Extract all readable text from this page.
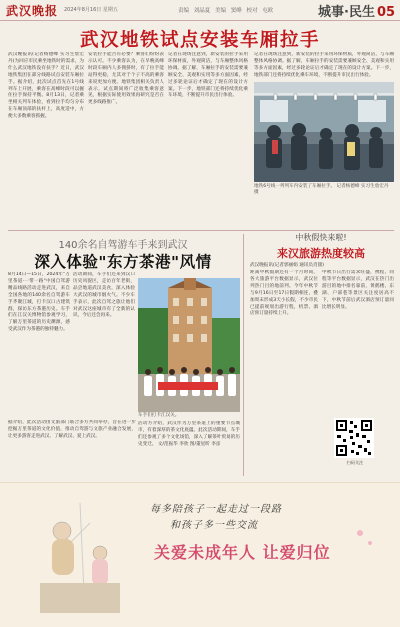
武汉晚报 2024年8月16日 星期五	责编 刘晶夏 美编 窦峰 校对 屯欧	城事·民生 05
武汉地铁试点安装车厢拉手
武汉晚报讯(记者杨德峰 实习生詹宏丹)为回应市民乘坐地铁时的需求，为什么武汉地铁没有扶手？近日，武汉地铁集团在部分线路试点安装车厢拉手。据介绍，此次试点首先在1号线列车上开展，乘客在高峰时段可以握住拉手保持平衡。8月13日，记者乘坐相关列车体验，看到拉手均匀分布在车厢顶部的扶杆上，高度适中，方便大多数乘客抓握。
安装拉手能否有必要？乘客们纷纷表示认可。不少乘客认为，在早晚高峰时段车厢内人多拥挤时，有了拉手能站得更稳，尤其对于个子不高的乘客来说更加方便。地铁集团相关负责人表示，试点期间将广泛收集乘客意见，根据实际使用效果再研究是否在更多线路推广。
记者在现场注意到，新安装的拉手采用环保材质，外观简洁，与车厢整体风格协调。据了解，车厢拉手的安装需要兼顾安全、美观和实用等多方面因素，经过多轮论证后才确定了现在的设计方案。下一步，地铁部门还将持续优化乘车环境，不断提升市民出行体验。
记者在现场注意到，新安装的拉手采用环保材质，外观简洁，与车厢整体风格协调。据了解，车厢拉手的安装需要兼顾安全、美观和实用等多方面因素，经过多轮论证后才确定了现在的设计方案。下一步，地铁部门还将持续优化乘车环境，不断提升市民出行体验。
地铁6号线一列列车内安装了车厢拉手。 记者杨德峰 实习生詹宏丹 摄
140余名自驾游车手来到武汉
深入体验"东方茶港"风情
8月14日—15日，2024年"万里茶道·一带一路"中国自驾游精品线路活动走进武汉，来自全国各地的140余名自驾游车手齐聚江城，打卡汉口古建筑群，探访东方茶港历史。车手们在江汉关博物馆参观学习，了解万里茶道的历史渊源，感受武汉作为茶港的独特魅力。
活动期间，车手们还来到汉口历史风貌区，走访百年老街，品尝地道武汉美食，深入体验大武汉的城市烟火气。不少车手表示，此次自驾之旅让他们对武汉这座城市有了全新的认识，今后还会再来。
车手们打卡江汉关。
据介绍，此次活动由文旅部门联合多方共同举办，旨在进一步挖掘万里茶道的文化价值，推动自驾游与文旅产业融合发展，让更多游客走进武汉、了解武汉、爱上武汉。
活动方介绍，武汉作为万里茶道上的重要节点城市，有着深厚的茶文化底蕴。此次活动期间，车手们还参观了多个文化场馆，深入了解茶叶贸易的历史变迁。 文/范振华 李欣 图/董星昕 李彦
中秋假快来啦!
来汉旅游热度较高
武汉晚报讯(记者郭丽娟 通讯员肖甜)
距离中秋假期还有一个月时间，各大旅游平台数据显示，武汉位列热门目的地前列。今年中秋节与9月16日至17日假期相连，叠加周末形成3天小长假，不少市民已提前规划出游行程，机票、酒店预订量持续上升。
中秋节日出行需求旺盛，携程、同程等平台数据显示，武汉在热门出游目的地中排名靠前，黄鹤楼、东湖、户部巷等景区关注度居高不下，中秋节前后武汉酒店预订量同比增长明显。
扫码关注
每多陪孩子一起走过一段路
和孩子多一些交流
关爱未成年人 让爱归位
